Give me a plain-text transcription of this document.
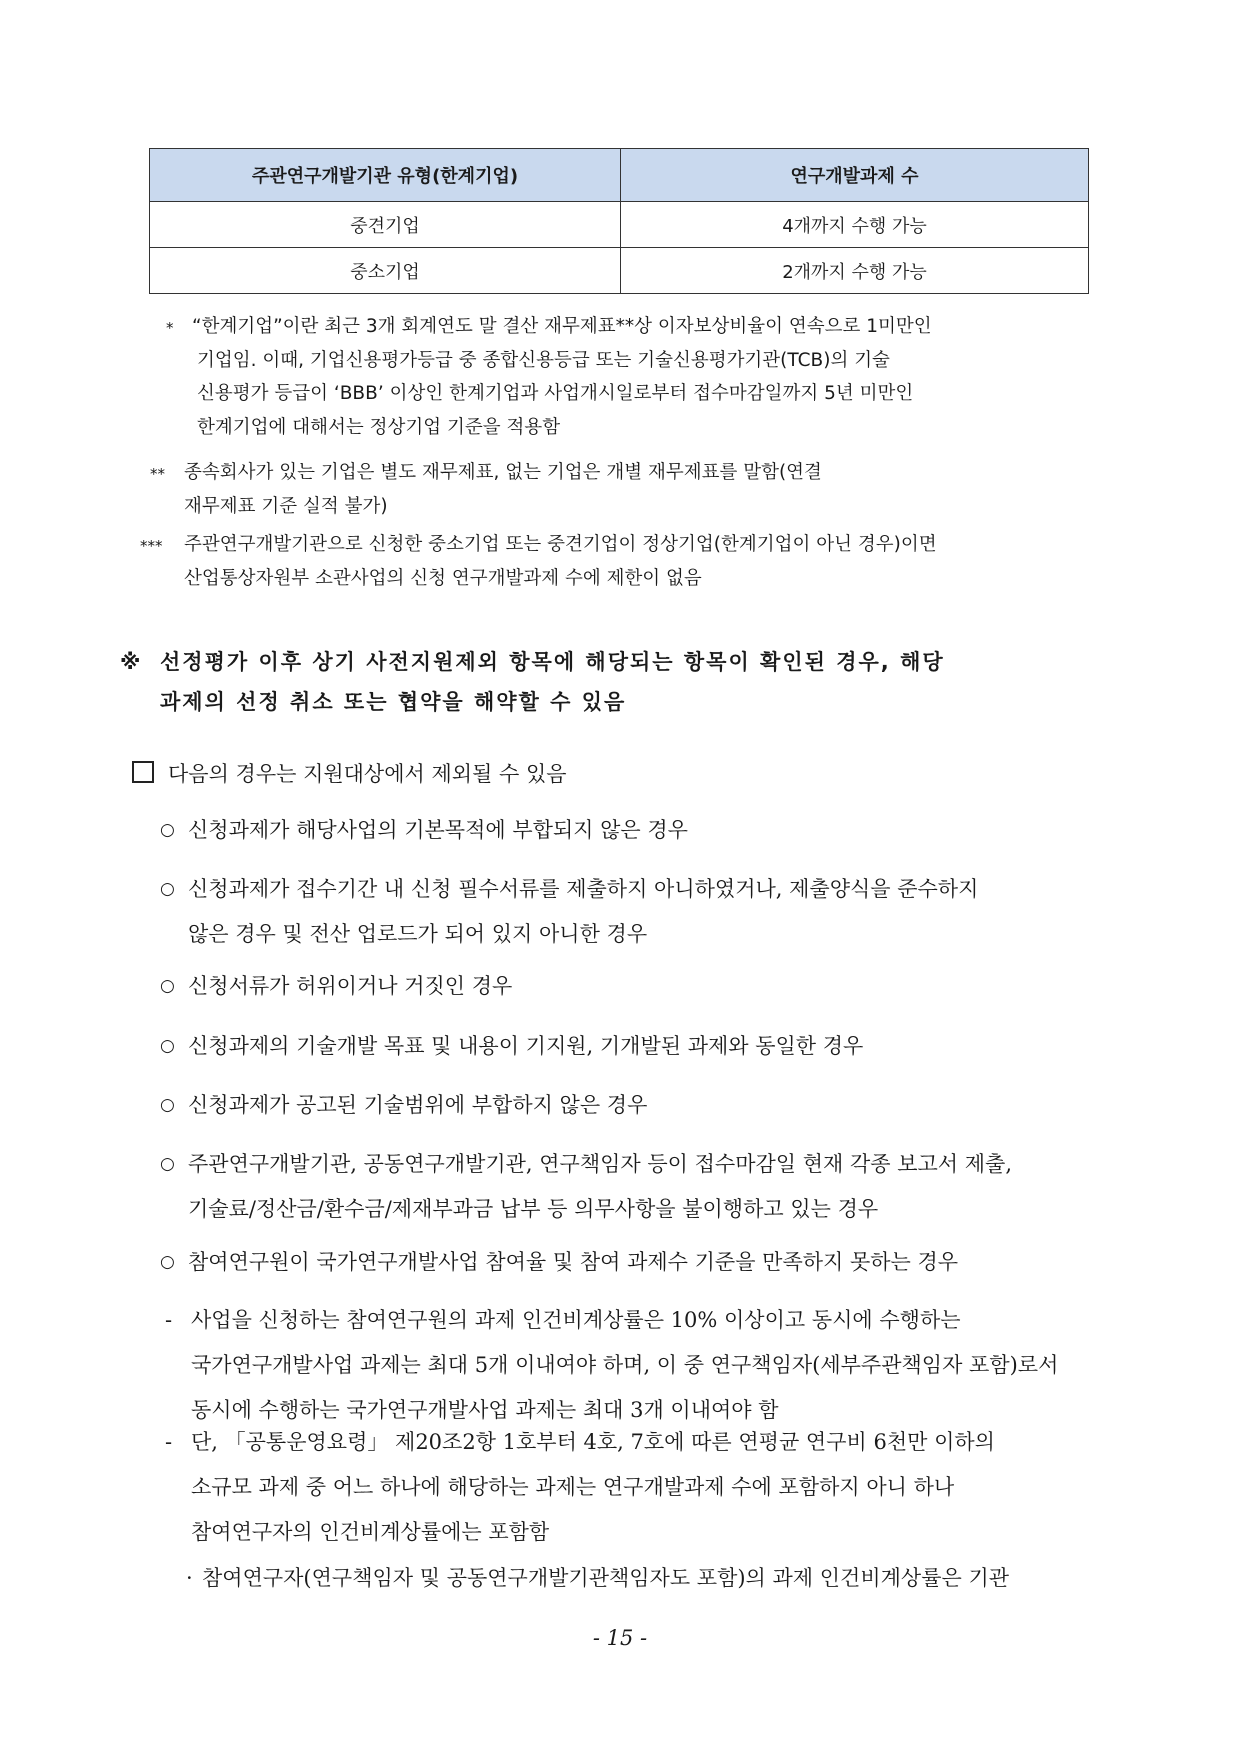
주관연구개발기관 유형(한계기업)	연구개발과제 수
중견기업	4개까지 수행 가능
중소기업	2개까지 수행 가능
* “한계기업”이란 최근 3개 회계연도 말 결산 재무제표**상 이자보상비율이 연속으로 1미만인
기업임. 이때, 기업신용평가등급 중 종합신용등급 또는 기술신용평가기관(TCB)의 기술
신용평가 등급이 ‘BBB’ 이상인 한계기업과 사업개시일로부터 접수마감일까지 5년 미만인
한계기업에 대해서는 정상기업 기준을 적용함
** 종속회사가 있는 기업은 별도 재무제표, 없는 기업은 개별 재무제표를 말함(연결
재무제표 기준 실적 불가)
*** 주관연구개발기관으로 신청한 중소기업 또는 중견기업이 정상기업(한계기업이 아닌 경우)이면
산업통상자원부 소관사업의 신청 연구개발과제 수에 제한이 없음
※ 선정평가 이후 상기 사전지원제외 항목에 해당되는 항목이 확인된 경우, 해당
과제의 선정 취소 또는 협약을 해약할 수 있음
다음의 경우는 지원대상에서 제외될 수 있음
○ 신청과제가 해당사업의 기본목적에 부합되지 않은 경우
○ 신청과제가 접수기간 내 신청 필수서류를 제출하지 아니하였거나, 제출양식을 준수하지
않은 경우 및 전산 업로드가 되어 있지 아니한 경우
○ 신청서류가 허위이거나 거짓인 경우
○ 신청과제의 기술개발 목표 및 내용이 기지원, 기개발된 과제와 동일한 경우
○ 신청과제가 공고된 기술범위에 부합하지 않은 경우
○ 주관연구개발기관, 공동연구개발기관, 연구책임자 등이 접수마감일 현재 각종 보고서 제출,
기술료/정산금/환수금/제재부과금 납부 등 의무사항을 불이행하고 있는 경우
○ 참여연구원이 국가연구개발사업 참여율 및 참여 과제수 기준을 만족하지 못하는 경우
- 사업을 신청하는 참여연구원의 과제 인건비계상률은 10% 이상이고 동시에 수행하는
국가연구개발사업 과제는 최대 5개 이내여야 하며, 이 중 연구책임자(세부주관책임자 포함)로서
동시에 수행하는 국가연구개발사업 과제는 최대 3개 이내여야 함
- 단, 「공통운영요령」 제20조2항 1호부터 4호, 7호에 따른 연평균 연구비 6천만 이하의
소규모 과제 중 어느 하나에 해당하는 과제는 연구개발과제 수에 포함하지 아니 하나
참여연구자의 인건비계상률에는 포함함
· 참여연구자(연구책임자 및 공동연구개발기관책임자도 포함)의 과제 인건비계상률은 기관
- 15 -
